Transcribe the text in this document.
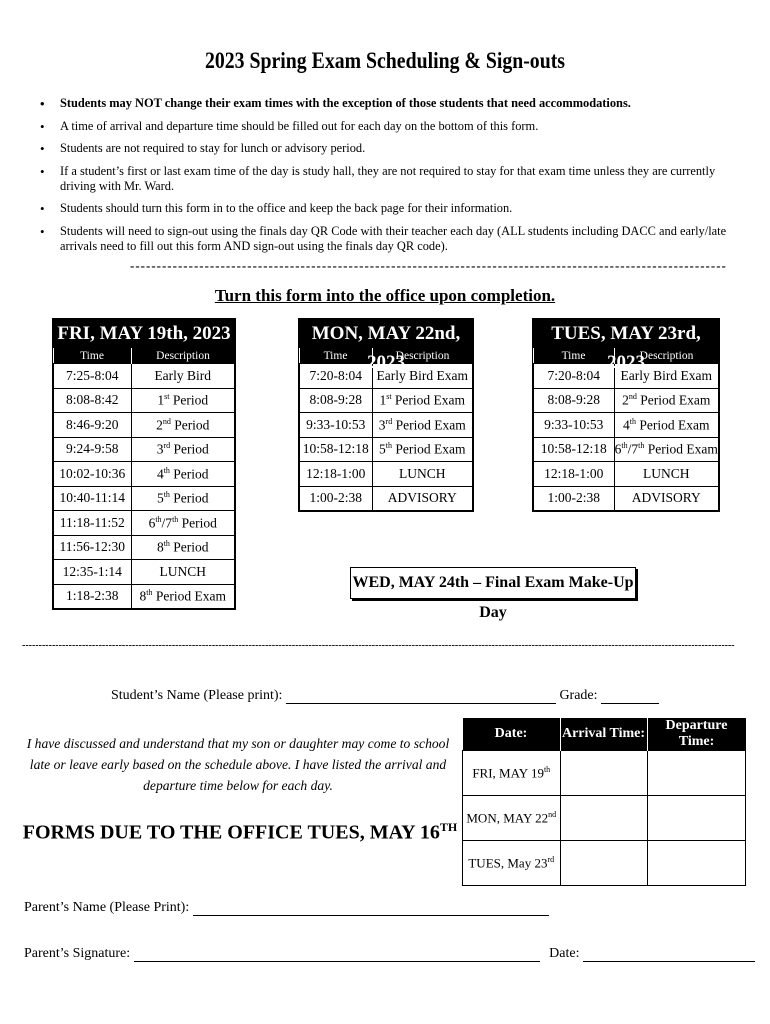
2023 Spring Exam Scheduling & Sign-outs
• Students may NOT change their exam times with the exception of those students that need accommodations.
• A time of arrival and departure time should be filled out for each day on the bottom of this form.
• Students are not required to stay for lunch or advisory period.
• If a student’s first or last exam time of the day is study hall, they are not required to stay for that exam time unless they are currently driving with Mr. Ward.
• Students should turn this form in to the office and keep the back page for their information.
• Students will need to sign-out using the finals day QR Code with their teacher each day (ALL students including DACC and early/late arrivals need to fill out this form AND sign-out using the finals day QR code).
----------------------------------------------------------------------------------------------------------------
Turn this form into the office upon completion.
FRI, MAY 19th, 2023
Time	Description
7:25-8:04	Early Bird
8:08-8:42	1st Period
8:46-9:20	2nd Period
9:24-9:58	3rd Period
10:02-10:36	4th Period
10:40-11:14	5th Period
11:18-11:52	6th/7th Period
11:56-12:30	8th Period
12:35-1:14	LUNCH
1:18-2:38	8th Period Exam
MON, MAY 22nd, 2023
Time	Description
7:20-8:04	Early Bird Exam
8:08-9:28	1st Period Exam
9:33-10:53	3rd Period Exam
10:58-12:18	5th Period Exam
12:18-1:00	LUNCH
1:00-2:38	ADVISORY
TUES, MAY 23rd, 2023
Time	Description
7:20-8:04	Early Bird Exam
8:08-9:28	2nd Period Exam
9:33-10:53	4th Period Exam
10:58-12:18	6th/7th Period Exam
12:18-1:00	LUNCH
1:00-2:38	ADVISORY
WED, MAY 24th – Final Exam Make-Up Day
----------------------------------------------------------------------------------------------------------------------------------------------------------------------------------------------------------------------
Student’s Name (Please print):	Grade:
I have discussed and understand that my son or daughter may come to school late or leave early based on the schedule above. I have listed the arrival and departure time below for each day.
FORMS DUE TO THE OFFICE TUES, MAY 16TH
Date:	Arrival Time:	Departure Time:
FRI, MAY 19th		
MON, MAY 22nd		
TUES, May 23rd		
Parent’s Name (Please Print):
Parent’s Signature:	Date:
